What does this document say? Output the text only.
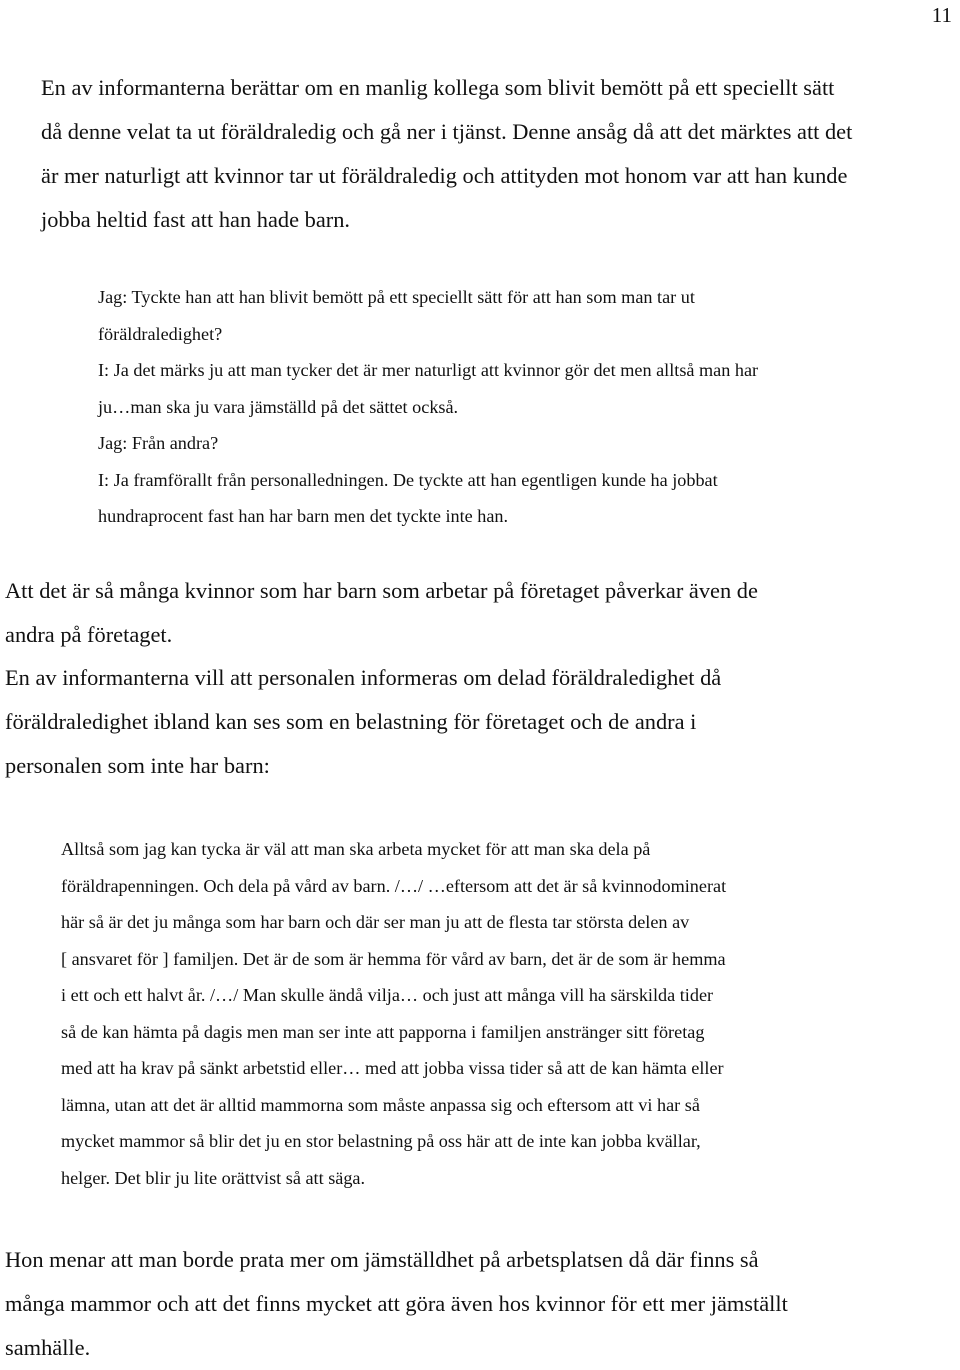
11
En av informanterna berättar om en manlig kollega som blivit bemött på ett speciellt sätt
då denne velat ta ut föräldraledig och gå ner i tjänst. Denne ansåg då att det märktes att det
är mer naturligt att kvinnor tar ut föräldraledig och attityden mot honom var att han kunde
jobba heltid fast att han hade barn.
Jag: Tyckte han att han blivit bemött på ett speciellt sätt för att han som man tar ut
föräldraledighet?
I: Ja det märks ju att man tycker det är mer naturligt att kvinnor gör det men alltså man har
ju…man ska ju vara jämställd på det sättet också.
Jag: Från andra?
I: Ja framförallt från personalledningen. De tyckte att han egentligen kunde ha jobbat
hundraprocent fast han har barn men det tyckte inte han.
Att det är så många kvinnor som har barn som arbetar på företaget påverkar även de
andra på företaget.
En av informanterna vill att personalen informeras om delad föräldraledighet då
föräldraledighet ibland kan ses som en belastning för företaget och de andra i
personalen som inte har barn:
Alltså som jag kan tycka är väl att man ska arbeta mycket för att man ska dela på
föräldrapenningen. Och dela på vård av barn. /…/ …eftersom att det är så kvinnodominerat
här så är det ju många som har barn och där ser man ju att de flesta tar största delen av
[ ansvaret för ] familjen. Det är de som är hemma för vård av barn, det är de som är hemma
i ett och ett halvt år. /…/ Man skulle ändå vilja… och just att många vill ha särskilda tider
så de kan hämta på dagis men man ser inte att papporna i familjen anstränger sitt företag
med att ha krav på sänkt arbetstid eller… med att jobba vissa tider så att de kan hämta eller
lämna, utan att det är alltid mammorna som måste anpassa sig och eftersom att vi har så
mycket mammor så blir det ju en stor belastning på oss här att de inte kan jobba kvällar,
helger. Det blir ju lite orättvist så att säga.
Hon menar att man borde prata mer om jämställdhet på arbetsplatsen då där finns så
många mammor och att det finns mycket att göra även hos kvinnor för ett mer jämställt
samhälle.
